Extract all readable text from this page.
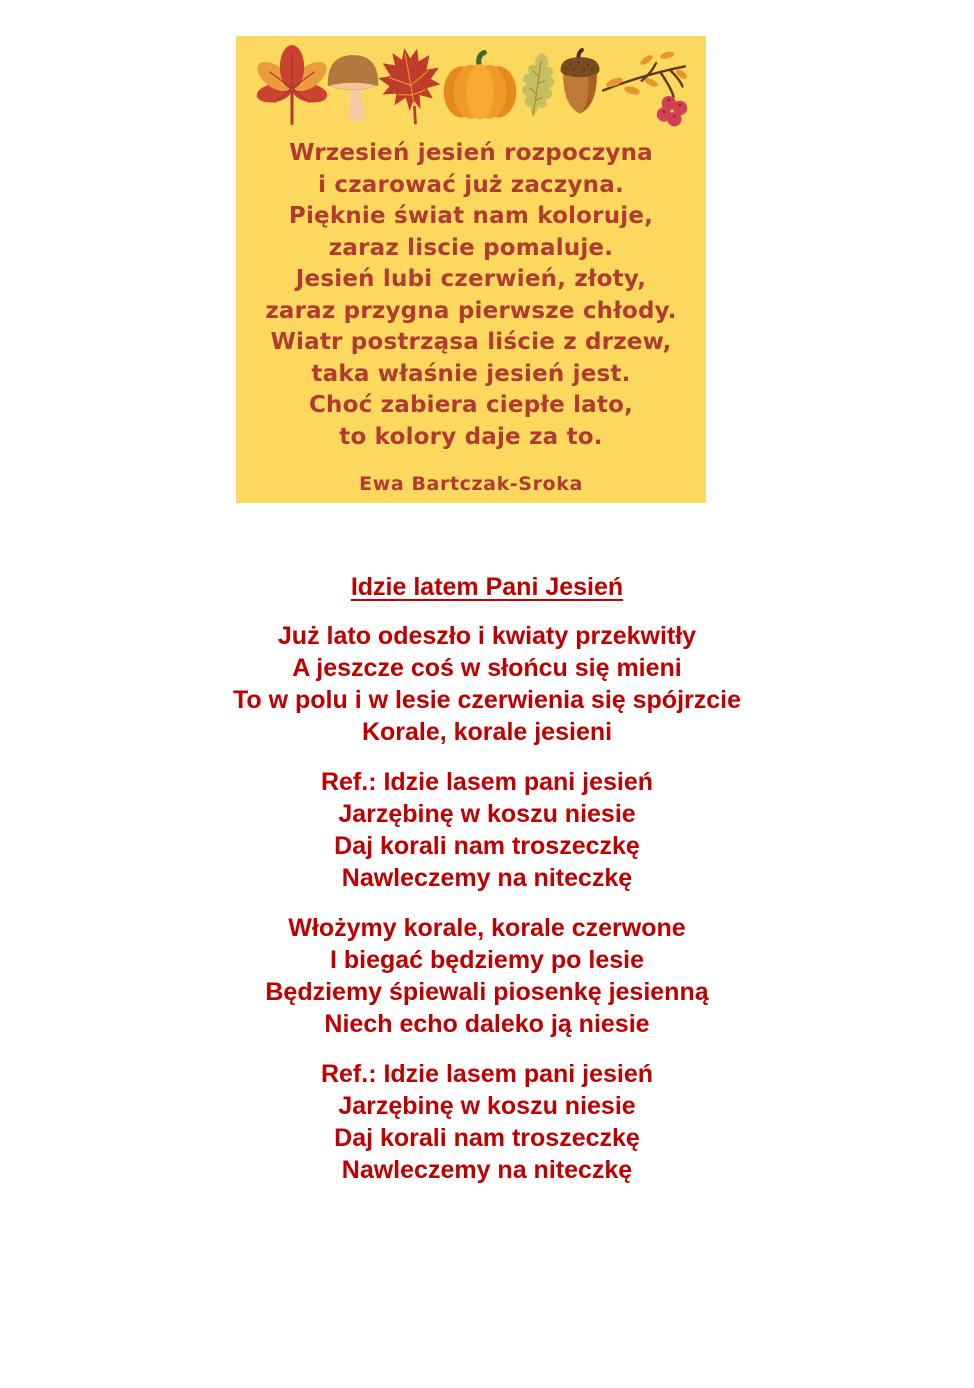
Wrzesień jesień rozpoczyna

i czarować już zaczyna.

Pięknie świat nam koloruje,

zaraz liscie pomaluje.

Jesień lubi czerwień, złoty,

zaraz przygna pierwsze chłody.

Wiatr postrząsa liście z drzew,

taka właśnie jesień jest.

Choć zabiera ciepłe lato,

to kolory daje za to.

Ewa Bartczak-Sroka
Idzie latem Pani Jesień

Już lato odeszło i kwiaty przekwitły

A jeszcze coś w słońcu się mieni

To w polu i w lesie czerwienia się spójrzcie

Korale, korale jesieni

Ref.: Idzie lasem pani jesień

Jarzębinę w koszu niesie

Daj korali nam troszeczkę

Nawleczemy na niteczkę

Włożymy korale, korale czerwone

I biegać będziemy po lesie

Będziemy śpiewali piosenkę jesienną

Niech echo daleko ją niesie

Ref.: Idzie lasem pani jesień

Jarzębinę w koszu niesie

Daj korali nam troszeczkę

Nawleczemy na niteczkę
